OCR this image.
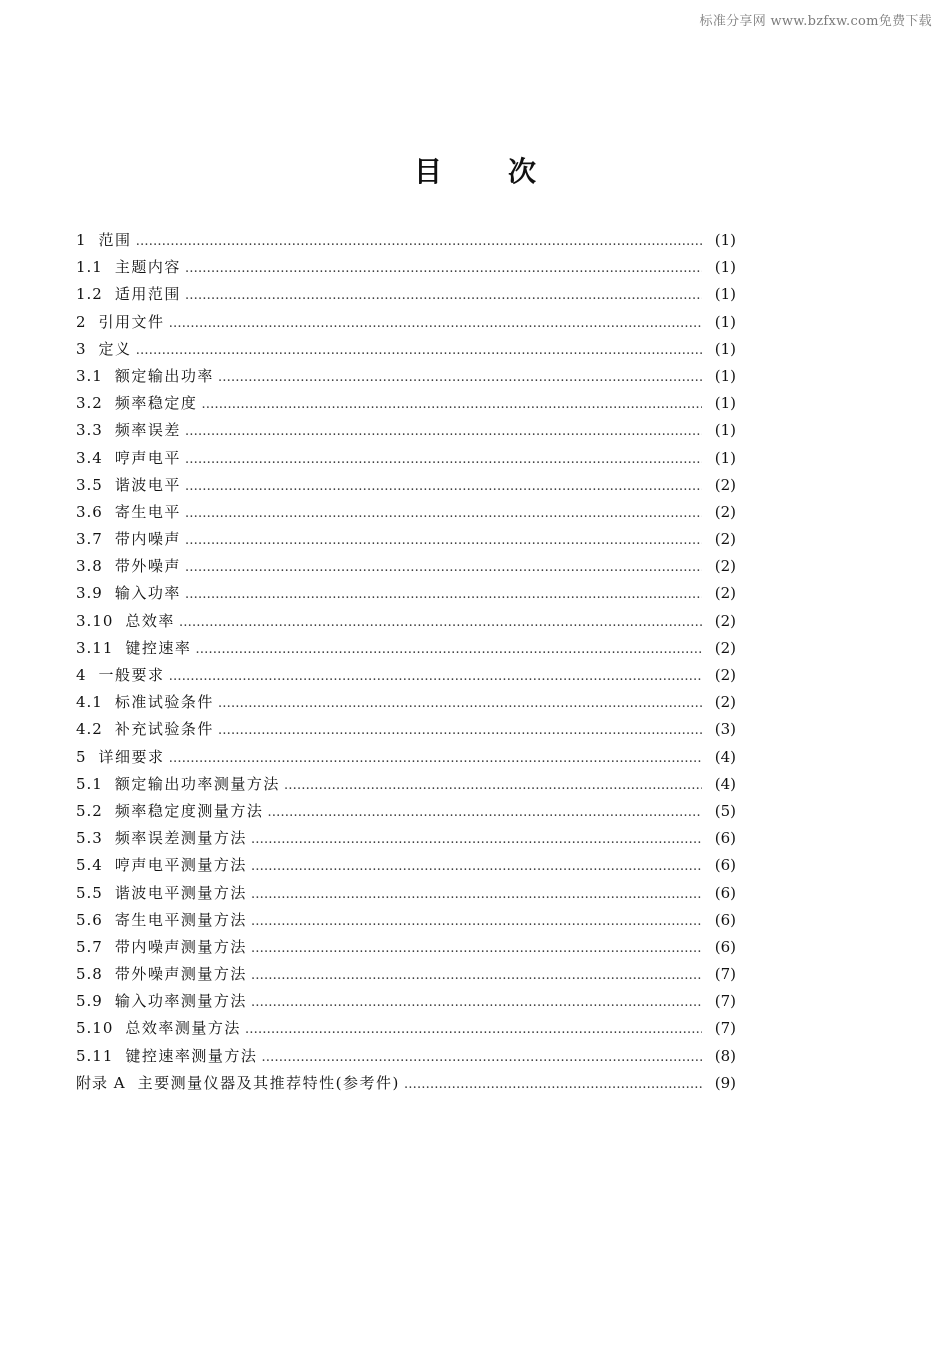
标准分享网 www.bzfxw.com免费下载
目 次
1 范围 ……………………………………………………………………………………………………………………………………………………………………………………………………………………	(1)
1.1 主题内容 ……………………………………………………………………………………………………………………………………………………………………………………………………………………	(1)
1.2 适用范围 ……………………………………………………………………………………………………………………………………………………………………………………………………………………	(1)
2 引用文件 ……………………………………………………………………………………………………………………………………………………………………………………………………………………	(1)
3 定义 ……………………………………………………………………………………………………………………………………………………………………………………………………………………	(1)
3.1 额定输出功率 ……………………………………………………………………………………………………………………………………………………………………………………………………………………	(1)
3.2 频率稳定度 ……………………………………………………………………………………………………………………………………………………………………………………………………………………	(1)
3.3 频率误差 ……………………………………………………………………………………………………………………………………………………………………………………………………………………	(1)
3.4 哼声电平 ……………………………………………………………………………………………………………………………………………………………………………………………………………………	(1)
3.5 谐波电平 ……………………………………………………………………………………………………………………………………………………………………………………………………………………	(2)
3.6 寄生电平 ……………………………………………………………………………………………………………………………………………………………………………………………………………………	(2)
3.7 带内噪声 ……………………………………………………………………………………………………………………………………………………………………………………………………………………	(2)
3.8 带外噪声 ……………………………………………………………………………………………………………………………………………………………………………………………………………………	(2)
3.9 输入功率 ……………………………………………………………………………………………………………………………………………………………………………………………………………………	(2)
3.10 总效率 ……………………………………………………………………………………………………………………………………………………………………………………………………………………	(2)
3.11 键控速率 ……………………………………………………………………………………………………………………………………………………………………………………………………………………	(2)
4 一般要求 ……………………………………………………………………………………………………………………………………………………………………………………………………………………	(2)
4.1 标准试验条件 ……………………………………………………………………………………………………………………………………………………………………………………………………………………	(2)
4.2 补充试验条件 ……………………………………………………………………………………………………………………………………………………………………………………………………………………	(3)
5 详细要求 ……………………………………………………………………………………………………………………………………………………………………………………………………………………	(4)
5.1 额定输出功率测量方法 ……………………………………………………………………………………………………………………………………………………………………………………………………………………	(4)
5.2 频率稳定度测量方法 ……………………………………………………………………………………………………………………………………………………………………………………………………………………	(5)
5.3 频率误差测量方法 ……………………………………………………………………………………………………………………………………………………………………………………………………………………	(6)
5.4 哼声电平测量方法 ……………………………………………………………………………………………………………………………………………………………………………………………………………………	(6)
5.5 谐波电平测量方法 ……………………………………………………………………………………………………………………………………………………………………………………………………………………	(6)
5.6 寄生电平测量方法 ……………………………………………………………………………………………………………………………………………………………………………………………………………………	(6)
5.7 带内噪声测量方法 ……………………………………………………………………………………………………………………………………………………………………………………………………………………	(6)
5.8 带外噪声测量方法 ……………………………………………………………………………………………………………………………………………………………………………………………………………………	(7)
5.9 输入功率测量方法 ……………………………………………………………………………………………………………………………………………………………………………………………………………………	(7)
5.10 总效率测量方法 ……………………………………………………………………………………………………………………………………………………………………………………………………………………	(7)
5.11 键控速率测量方法 ……………………………………………………………………………………………………………………………………………………………………………………………………………………	(8)
附录 A 主要测量仪器及其推荐特性(参考件) ……………………………………………………………………………………………………………………………………………………………………………………………………………………	(9)
